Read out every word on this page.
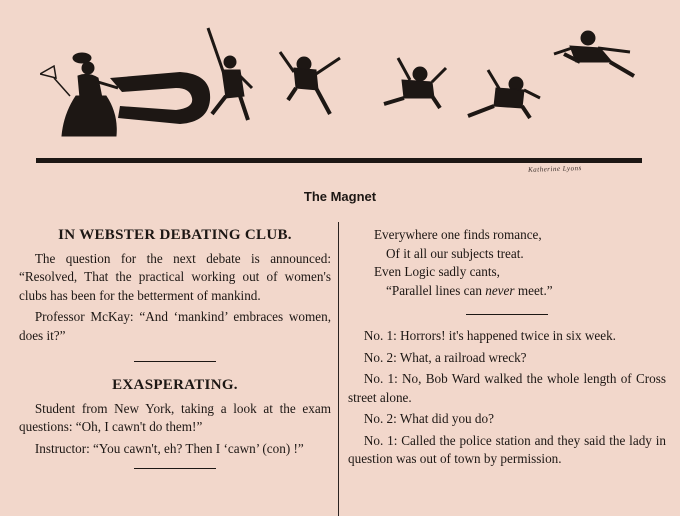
Katherine Lyons
The Magnet
IN WEBSTER DEBATING CLUB.

The question for the next debate is announced: “Resolved, That the practical working out of women's clubs has been for the betterment of mankind.

Professor McKay: “And ‘mankind’ embraces women, does it?”

EXASPERATING.

Student from New York, taking a look at the exam questions: “Oh, I cawn't do them!”

Instructor: “You cawn't, eh? Then I ‘cawn’ (con) !”

Everywhere one finds romance,
Of it all our subjects treat.
Even Logic sadly cants,
“Parallel lines can never meet.”

No. 1: Horrors! it's happened twice in six week.

No. 2: What, a railroad wreck?

No. 1: No, Bob Ward walked the whole length of Cross street alone.

No. 2: What did you do?

No. 1: Called the police station and they said the lady in question was out of town by permission.
